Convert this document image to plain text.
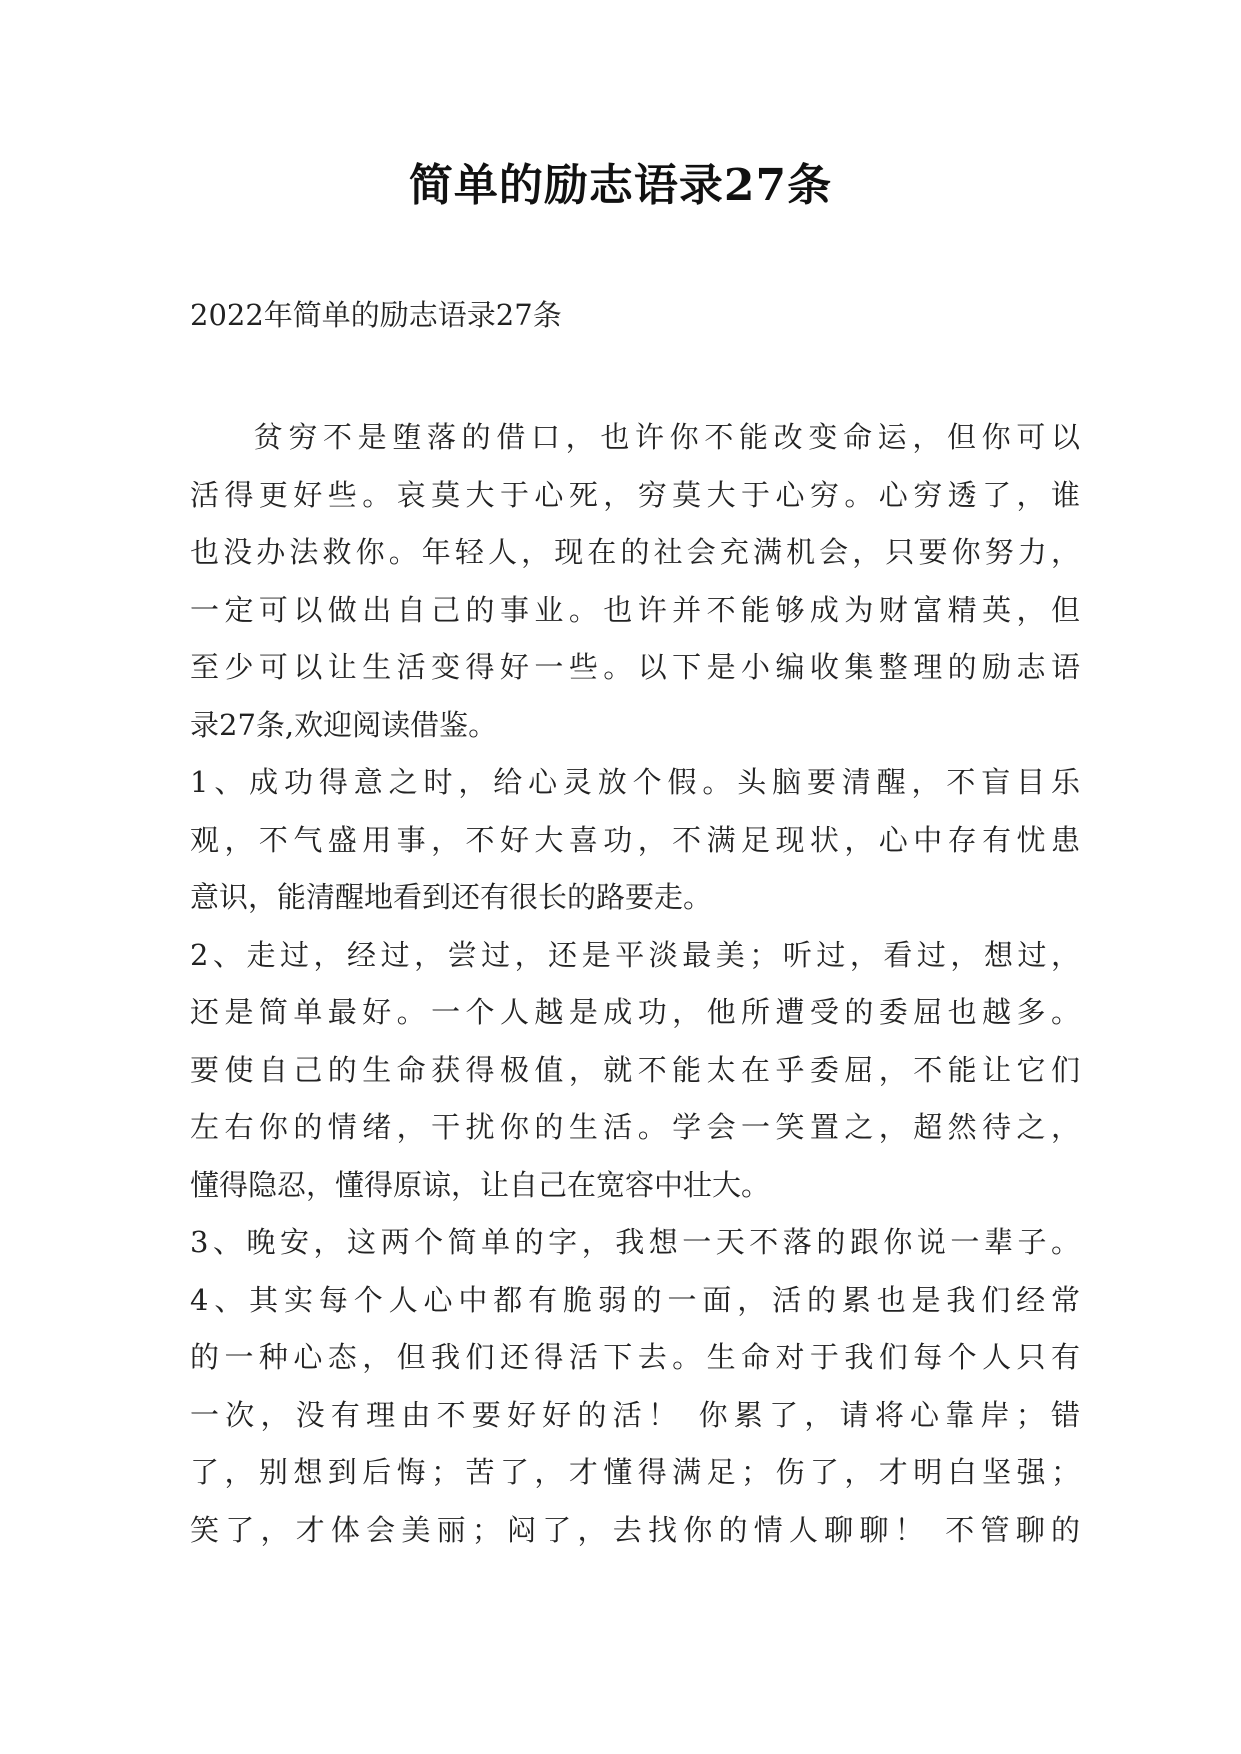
简单的励志语录27条
2022年简单的励志语录27条
贫穷不是堕落的借口，也许你不能改变命运，但你可以
活得更好些。哀莫大于心死，穷莫大于心穷。心穷透了，谁
也没办法救你。年轻人，现在的社会充满机会，只要你努力，
一定可以做出自己的事业。也许并不能够成为财富精英，但
至少可以让生活变得好一些。以下是小编收集整理的励志语
录27条,欢迎阅读借鉴。
1、成功得意之时，给心灵放个假。头脑要清醒，不盲目乐
观，不气盛用事，不好大喜功，不满足现状，心中存有忧患
意识，能清醒地看到还有很长的路要走。
2、走过，经过，尝过，还是平淡最美；听过，看过，想过，
还是简单最好。一个人越是成功，他所遭受的委屈也越多。
要使自己的生命获得极值，就不能太在乎委屈，不能让它们
左右你的情绪，干扰你的生活。学会一笑置之，超然待之，
懂得隐忍，懂得原谅，让自己在宽容中壮大。
3、晚安，这两个简单的字，我想一天不落的跟你说一辈子。
4、其实每个人心中都有脆弱的一面，活的累也是我们经常
的一种心态，但我们还得活下去。生命对于我们每个人只有
一次，没有理由不要好好的活！ 你累了，请将心靠岸；错
了，别想到后悔；苦了，才懂得满足；伤了，才明白坚强；
笑了，才体会美丽；闷了，去找你的情人聊聊！ 不管聊的
